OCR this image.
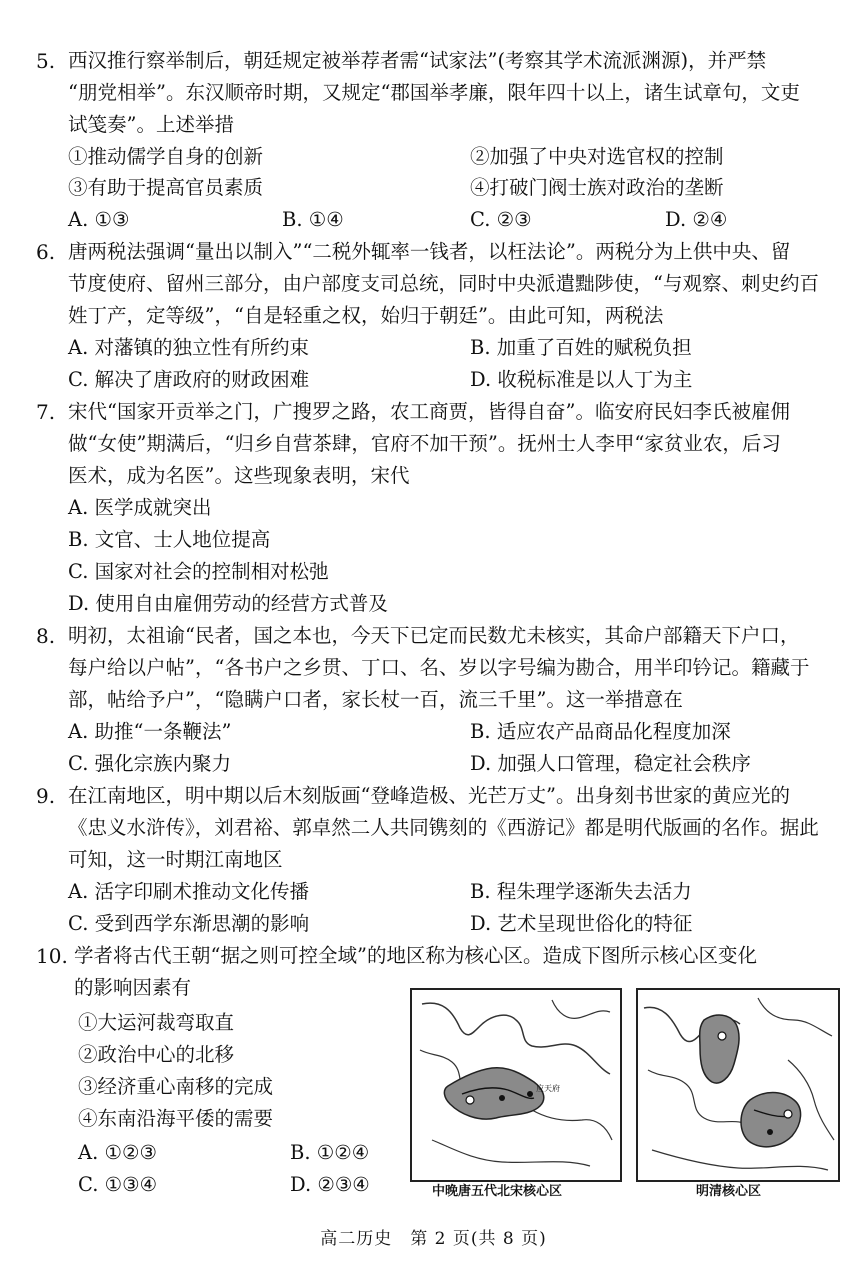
5. 西汉推行察举制后，朝廷规定被举荐者需“试家法”(考察其学术流派渊源)，并严禁
“朋党相举”。东汉顺帝时期，又规定“郡国举孝廉，限年四十以上，诸生试章句，文吏
试笺奏”。上述举措
①推动儒学自身的创新	②加强了中央对选官权的控制
③有助于提高官员素质	④打破门阀士族对政治的垄断
A. ①③	B. ①④	C. ②③	D. ②④
6. 唐两税法强调“量出以制入”“二税外辄率一钱者，以枉法论”。两税分为上供中央、留
节度使府、留州三部分，由户部度支司总统，同时中央派遣黜陟使，“与观察、刺史约百
姓丁产，定等级”，“自是轻重之权，始归于朝廷”。由此可知，两税法
A. 对藩镇的独立性有所约束	B. 加重了百姓的赋税负担
C. 解决了唐政府的财政困难	D. 收税标准是以人丁为主
7. 宋代“国家开贡举之门，广搜罗之路，农工商贾，皆得自奋”。临安府民妇李氏被雇佣
做“女使”期满后，“归乡自营茶肆，官府不加干预”。抚州士人李甲“家贫业农，后习
医术，成为名医”。这些现象表明，宋代
A. 医学成就突出
B. 文官、士人地位提高
C. 国家对社会的控制相对松弛
D. 使用自由雇佣劳动的经营方式普及
8. 明初，太祖谕“民者，国之本也，今天下已定而民数尤未核实，其命户部籍天下户口，
每户给以户帖”，“各书户之乡贯、丁口、名、岁以字号编为勘合，用半印钤记。籍藏于
部，帖给予户”，“隐瞒户口者，家长杖一百，流三千里”。这一举措意在
A. 助推“一条鞭法”	B. 适应农产品商品化程度加深
C. 强化宗族内聚力	D. 加强人口管理，稳定社会秩序
9. 在江南地区，明中期以后木刻版画“登峰造极、光芒万丈”。出身刻书世家的黄应光的
《忠义水浒传》，刘君裕、郭卓然二人共同镌刻的《西游记》都是明代版画的名作。据此
可知，这一时期江南地区
A. 活字印刷术推动文化传播	B. 程朱理学逐渐失去活力
C. 受到西学东渐思潮的影响	D. 艺术呈现世俗化的特征
10. 学者将古代王朝“据之则可控全域”的地区称为核心区。造成下图所示核心区变化
的影响因素有
①大运河裁弯取直
②政治中心的北移
③经济重心南移的完成
④东南沿海平倭的需要
A. ①②③	B. ①②④
C. ①③④	D. ②③④
应天府
中晚唐五代北宋核心区	明清核心区
高二历史　第 2 页(共 8 页)
